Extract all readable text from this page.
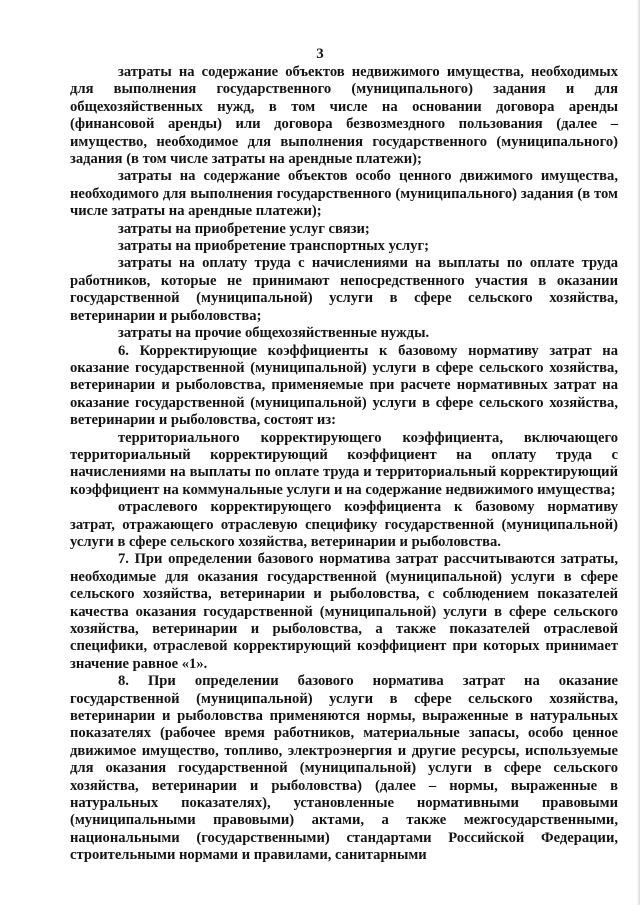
3

затраты на содержание объектов недвижимого имущества, необходимых для выполнения государственного (муниципального) задания и для общехозяйственных нужд, в том числе на основании договора аренды (финансовой аренды) или договора безвозмездного пользования (далее – имущество, необходимое для выполнения государственного (муниципального) задания (в том числе затраты на арендные платежи);

затраты на содержание объектов особо ценного движимого имущества, необходимого для выполнения государственного (муниципального) задания (в том числе затраты на арендные платежи);

затраты на приобретение услуг связи;

затраты на приобретение транспортных услуг;

затраты на оплату труда с начислениями на выплаты по оплате труда работников, которые не принимают непосредственного участия в оказании государственной (муниципальной) услуги в сфере сельского хозяйства, ветеринарии и рыболовства;

затраты на прочие общехозяйственные нужды.

6. Корректирующие коэффициенты к базовому нормативу затрат на оказание государственной (муниципальной) услуги в сфере сельского хозяйства, ветеринарии и рыболовства, применяемые при расчете нормативных затрат на оказание государственной (муниципальной) услуги в сфере сельского хозяйства, ветеринарии и рыболовства, состоят из:

территориального корректирующего коэффициента, включающего территориальный корректирующий коэффициент на оплату труда с начислениями на выплаты по оплате труда и территориальный корректирующий коэффициент на коммунальные услуги и на содержание недвижимого имущества;

отраслевого корректирующего коэффициента к базовому нормативу затрат, отражающего отраслевую специфику государственной (муниципальной) услуги в сфере сельского хозяйства, ветеринарии и рыболовства.

7. При определении базового норматива затрат рассчитываются затраты, необходимые для оказания государственной (муниципальной) услуги в сфере сельского хозяйства, ветеринарии и рыболовства, с соблюдением показателей качества оказания государственной (муниципальной) услуги в сфере сельского хозяйства, ветеринарии и рыболовства, а также показателей отраслевой специфики, отраслевой корректирующий коэффициент при которых принимает значение равное «1».

8. При определении базового норматива затрат на оказание государственной (муниципальной) услуги в сфере сельского хозяйства, ветеринарии и рыболовства применяются нормы, выраженные в натуральных показателях (рабочее время работников, материальные запасы, особо ценное движимое имущество, топливо, электроэнергия и другие ресурсы, используемые для оказания государственной (муниципальной) услуги в сфере сельского хозяйства, ветеринарии и рыболовства) (далее – нормы, выраженные в натуральных показателях), установленные нормативными правовыми (муниципальными правовыми) актами, а также межгосударственными, национальными (государственными) стандартами Российской Федерации, строительными нормами и правилами, санитарными
